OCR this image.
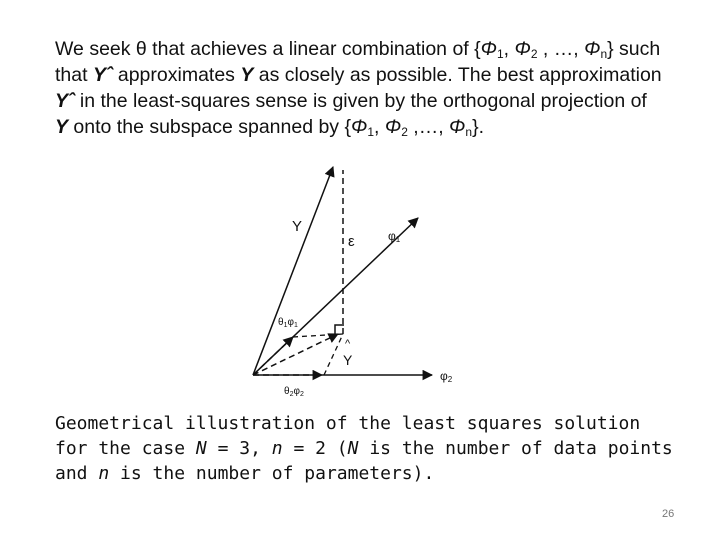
We seek θ that achieves a linear combination of {$\Phi_1$, $\Phi_2$ , …, $\Phi_n$} such that Yˆ approximates Y as closely as possible. The best approximation Yˆ in the least-squares sense is given by the orthogonal projection of Y onto the subspace spanned by {$\Phi_1$, $\Phi_2$ ,…, $\Phi_n$}.

Y
ε	φ1
$\theta_1\varphi_1$
^
Y
$\theta_2\varphi_2$
φ2

Geometrical illustration of the least squares solution for the case N = 3, n = 2 (N is the number of data points and n is the number of parameters).

26
